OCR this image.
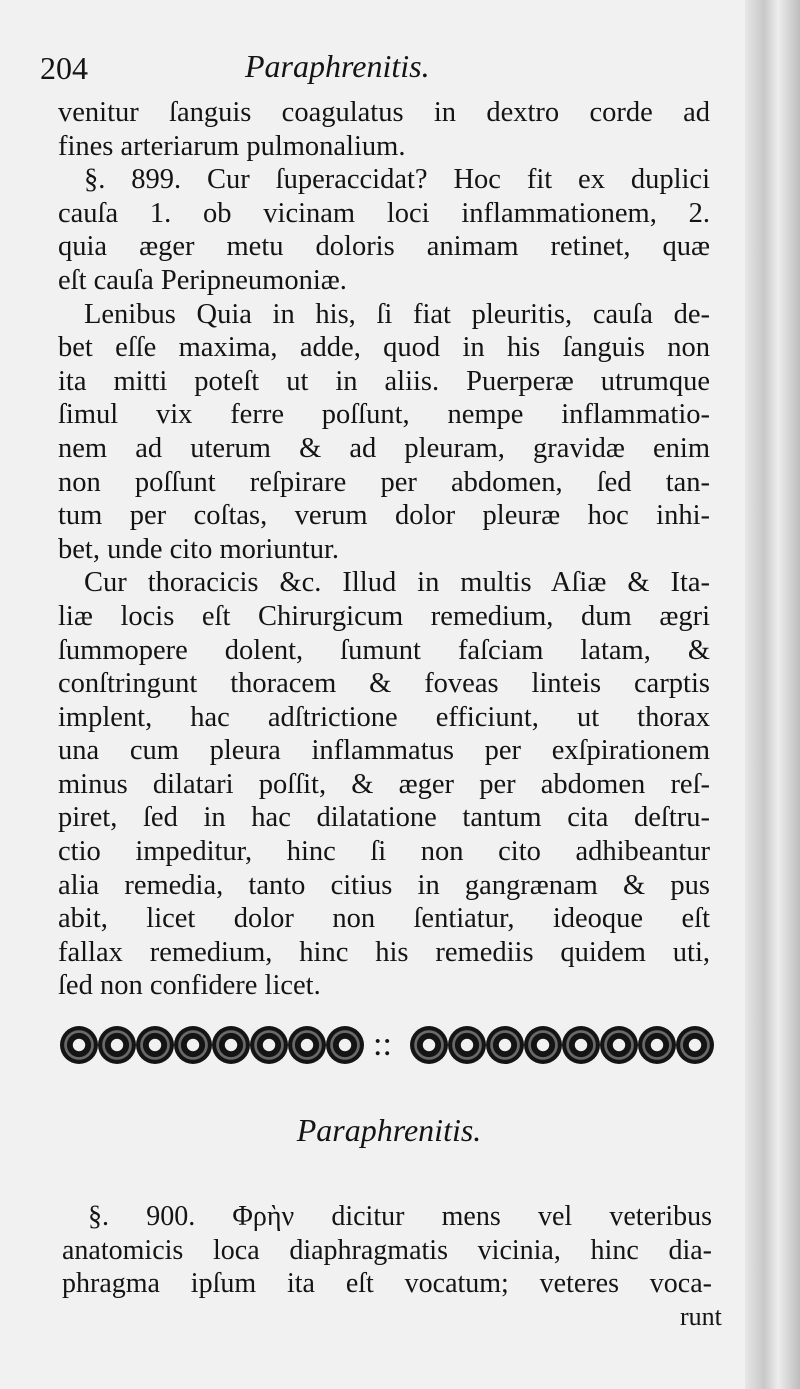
204	Paraphrenitis.
venitur ſanguis coagulatus in dextro corde ad
fines arteriarum pulmonalium.
§. 899. Cur ſuperaccidat? Hoc fit ex duplici
cauſa 1. ob vicinam loci inflammationem, 2.
quia æger metu doloris animam retinet, quæ
eſt cauſa Peripneumoniæ.
Lenibus Quia in his, ſi fiat pleuritis, cauſa de-
bet eſſe maxima, adde, quod in his ſanguis non
ita mitti poteſt ut in aliis. Puerperæ utrumque
ſimul vix ferre poſſunt, nempe inflammatio-
nem ad uterum & ad pleuram, gravidæ enim
non poſſunt reſpirare per abdomen, ſed tan-
tum per coſtas, verum dolor pleuræ hoc inhi-
bet, unde cito moriuntur.
Cur thoracicis &c. Illud in multis Aſiæ & Ita-
liæ locis eſt Chirurgicum remedium, dum ægri
ſummopere dolent, ſumunt faſciam latam, &
conſtringunt thoracem & foveas linteis carptis
implent, hac adſtrictione efficiunt, ut thorax
una cum pleura inflammatus per exſpirationem
minus dilatari poſſit, & æger per abdomen reſ-
piret, ſed in hac dilatatione tantum cita deſtru-
ctio impeditur, hinc ſi non cito adhibeantur
alia remedia, tanto citius in gangrænam & pus
abit, licet dolor non ſentiatur, ideoque eſt
fallax remedium, hinc his remediis quidem uti,
ſed non confidere licet.
::
Paraphrenitis.
§. 900. Φρὴν dicitur mens vel veteribus
anatomicis loca diaphragmatis vicinia, hinc dia-
phragma ipſum ita eſt vocatum; veteres voca-
runt
